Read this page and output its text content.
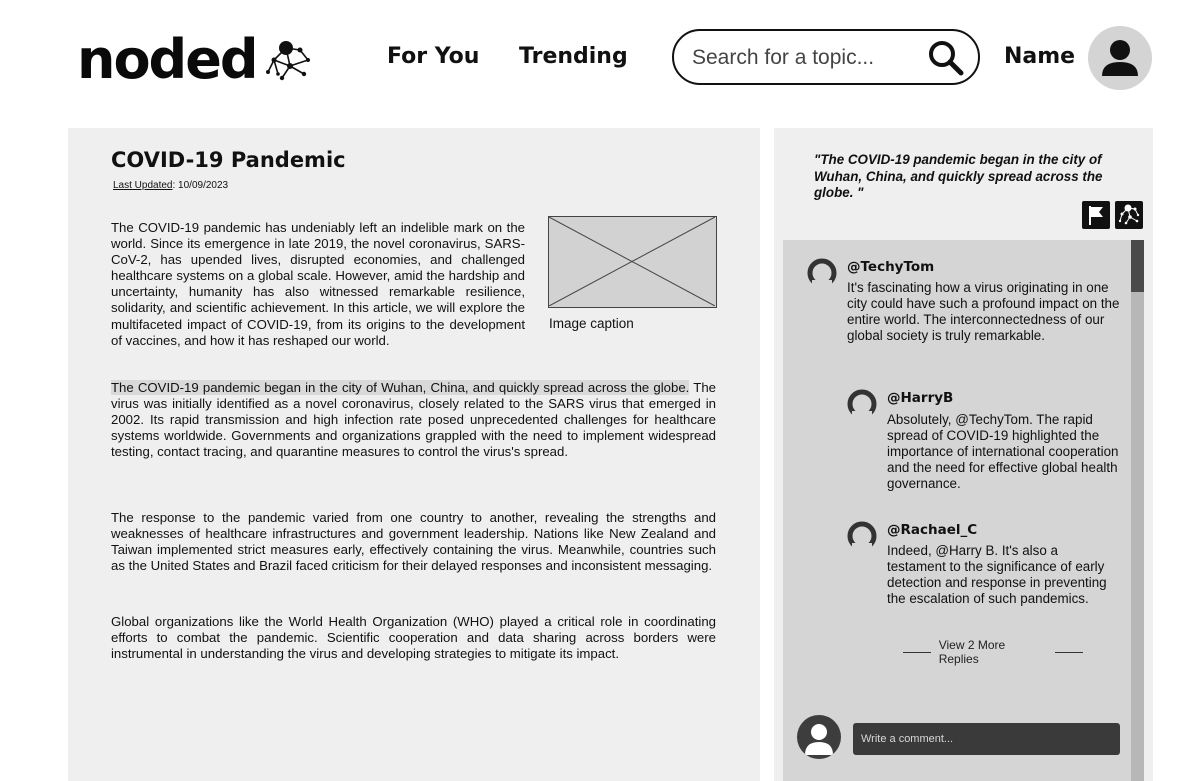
noded	For You Trending
Search for a topic...	Name
COVID-19 Pandemic
Last Updated: 10/09/2023
The COVID-19 pandemic has undeniably left an indelible mark on the world. Since its emergence in late 2019, the novel coronavirus, SARS-CoV-2, has upended lives, disrupted economies, and challenged healthcare systems on a global scale. However, amid the hardship and uncertainty, humanity has also witnessed remarkable resilience, solidarity, and scientific achievement. In this article, we will explore the multifaceted impact of COVID-19, from its origins to the development of vaccines, and how it has reshaped our world.
Image caption
The COVID-19 pandemic began in the city of Wuhan, China, and quickly spread across the globe. The virus was initially identified as a novel coronavirus, closely related to the SARS virus that emerged in 2002. Its rapid transmission and high infection rate posed unprecedented challenges for healthcare systems worldwide. Governments and organizations grappled with the need to implement widespread testing, contact tracing, and quarantine measures to control the virus's spread.
The response to the pandemic varied from one country to another, revealing the strengths and weaknesses of healthcare infrastructures and government leadership. Nations like New Zealand and Taiwan implemented strict measures early, effectively containing the virus. Meanwhile, countries such as the United States and Brazil faced criticism for their delayed responses and inconsistent messaging.
Global organizations like the World Health Organization (WHO) played a critical role in coordinating efforts to combat the pandemic. Scientific cooperation and data sharing across borders were instrumental in understanding the virus and developing strategies to mitigate its impact.
"The COVID-19 pandemic began in the city of Wuhan, China, and quickly spread across the globe. "
@TechyTom
It's fascinating how a virus originating in one city could have such a profound impact on the entire world. The interconnectedness of our global society is truly remarkable.
@HarryB
Absolutely, @TechyTom. The rapid spread of COVID-19 highlighted the importance of international cooperation and the need for effective global health governance.
@Rachael_C
Indeed, @Harry B. It's also a testament to the significance of early detection and response in preventing the escalation of such pandemics.
View 2 More Replies
Write a comment...
